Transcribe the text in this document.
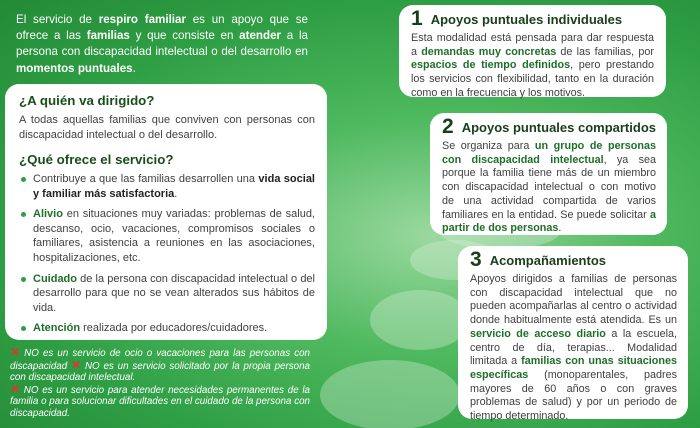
El servicio de respiro familiar es un apoyo que se ofrece a las familias y que consiste en atender a la persona con discapacidad intelectual o del desarrollo en momentos puntuales.
¿A quién va dirigido?

A todas aquellas familias que conviven con personas con discapacidad intelectual o del desarrollo.

¿Qué ofrece el servicio?
Contribuye a que las familias desarrollen una vida social y familiar más satisfactoria.
Alivio en situaciones muy variadas: problemas de salud, descanso, ocio, vacaciones, compromisos sociales o familiares, asistencia a reuniones en las asociaciones, hospitalizaciones, etc.
Cuidado de la persona con discapacidad intelectual o del desarrollo para que no se vean alterados sus hábitos de vida.
Atención realizada por educadores/cuidadores.
✕ NO es un servicio de ocio o vacaciones para las personas con discapacidad ✕ NO es un servicio solicitado por la propia persona con discapacidad intelectual.
✕ NO es un servicio para atender necesidades permanentes de la familia o para solucionar dificultades en el cuidado de la persona con discapacidad.
1 Apoyos puntuales individuales
Esta modalidad está pensada para dar respuesta a demandas muy concretas de las familias, por espacios de tiempo definidos, pero prestando los servicios con flexibilidad, tanto en la duración como en la frecuencia y los motivos.
2 Apoyos puntuales compartidos
Se organiza para un grupo de personas con discapacidad intelectual, ya sea porque la familia tiene más de un miembro con discapacidad intelectual o con motivo de una actividad compartida de varios familiares en la entidad. Se puede solicitar a partir de dos personas.
3 Acompañamientos
Apoyos dirigidos a familias de personas con discapacidad intelectual que no pueden acompañarlas al centro o actividad donde habitualmente está atendida. Es un servicio de acceso diario a la escuela, centro de día, terapias... Modalidad limitada a familias con unas situaciones específicas (monoparentales, padres mayores de 60 años o con graves problemas de salud) y por un periodo de tiempo determinado.
